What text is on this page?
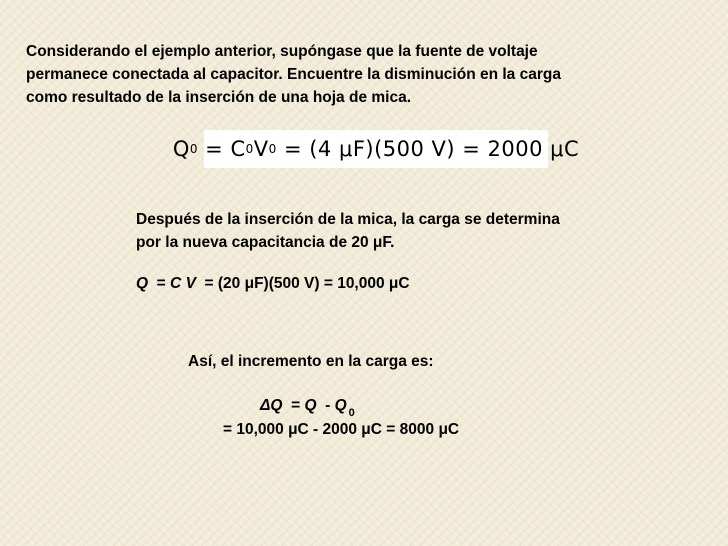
Considerando el ejemplo anterior, supóngase que la fuente de voltaje
permanece conectada al capacitor. Encuentre la disminución en la carga
como resultado de la inserción de una hoja de mica.
Q 0 = C 0 V 0 = (4 μF)(500 V) = 2000 μC
Después de la inserción de la mica, la carga se determina
por la nueva capacitancia de 20 μF.
Q  = C V  = (20 μF)(500 V) = 10,000 μC
Así, el incremento en la carga es:
ΔQ  = Q  - Q $_0$
= 10,000 μC - 2000 μC = 8000 μC
